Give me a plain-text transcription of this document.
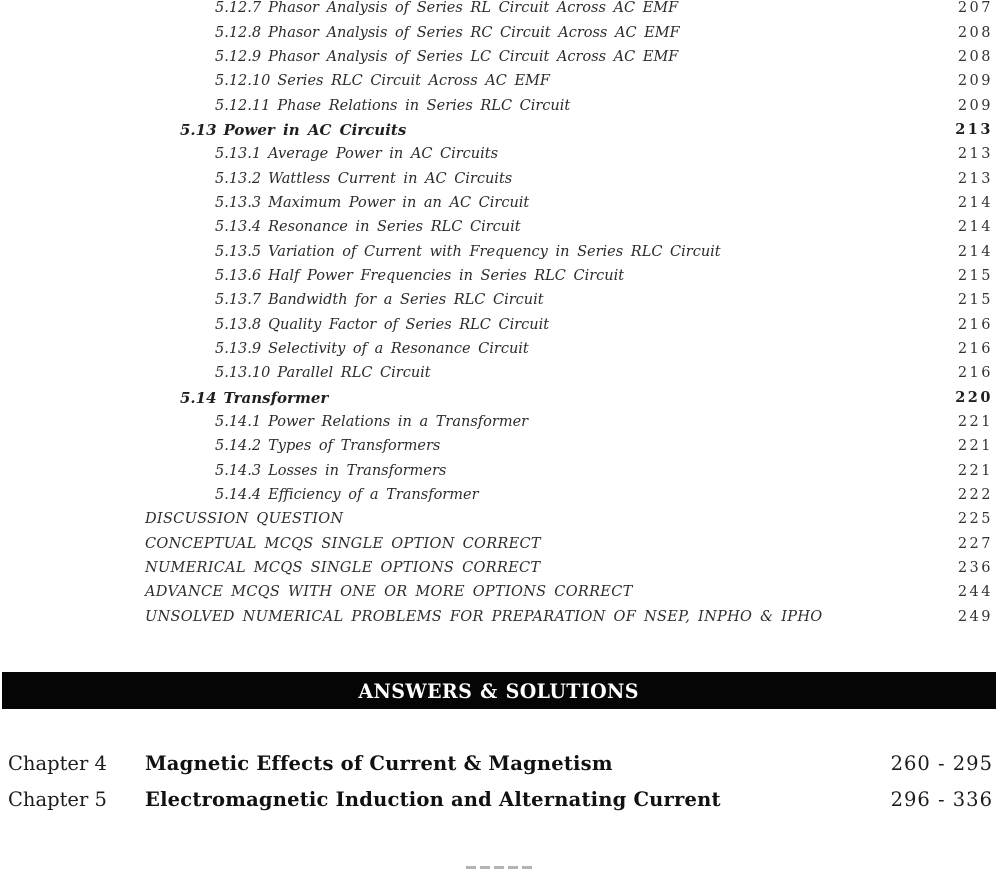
5.12.7 Phasor Analysis of Series RL Circuit Across AC EMF	207
5.12.8 Phasor Analysis of Series RC Circuit Across AC EMF	208
5.12.9 Phasor Analysis of Series LC Circuit Across AC EMF	208
5.12.10 Series RLC Circuit Across AC EMF	209
5.12.11 Phase Relations in Series RLC Circuit	209
5.13 Power in AC Circuits	213
5.13.1 Average Power in AC Circuits	213
5.13.2 Wattless Current in AC Circuits	213
5.13.3 Maximum Power in an AC Circuit	214
5.13.4 Resonance in Series RLC Circuit	214
5.13.5 Variation of Current with Frequency in Series RLC Circuit	214
5.13.6 Half Power Frequencies in Series RLC Circuit	215
5.13.7 Bandwidth for a Series RLC Circuit	215
5.13.8 Quality Factor of Series RLC Circuit	216
5.13.9 Selectivity of a Resonance Circuit	216
5.13.10 Parallel RLC Circuit	216
5.14 Transformer	220
5.14.1 Power Relations in a Transformer	221
5.14.2 Types of Transformers	221
5.14.3 Losses in Transformers	221
5.14.4 Efficiency of a Transformer	222
DISCUSSION QUESTION	225
CONCEPTUAL MCQS SINGLE OPTION CORRECT	227
NUMERICAL MCQS SINGLE OPTIONS CORRECT	236
ADVANCE MCQS WITH ONE OR MORE OPTIONS CORRECT	244
UNSOLVED NUMERICAL PROBLEMS FOR PREPARATION OF NSEP, INPHO & IPHO	249
ANSWERS & SOLUTIONS
Chapter 4	Magnetic Effects of Current & Magnetism	260 - 295
Chapter 5	Electromagnetic Induction and Alternating Current	296 - 336
